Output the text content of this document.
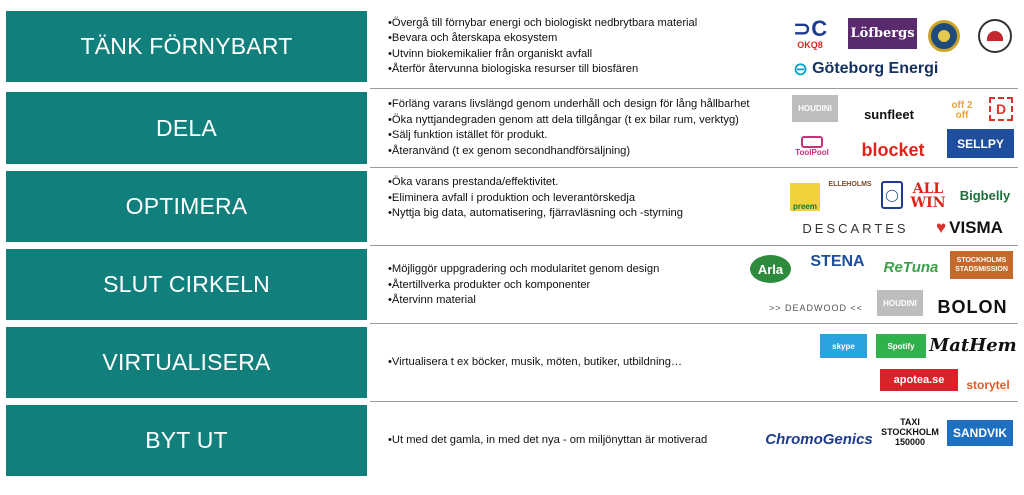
TÄNK FÖRNYBART
•Övergå till förnybar energi och biologiskt nedbrytbara material
•Bevara och återskapa ekosystem
•Utvinn biokemikalier från organiskt avfall
•Återför återvunna biologiska resurser till biosfären
⊃C
OKQ8
Löfbergs
⊖ Göteborg Energi
DELA
•Förläng varans livslängd genom underhåll och design för lång hållbarhet
•Öka nyttjandegraden genom att dela tillgångar (t ex bilar rum, verktyg)
•Sälj funktion istället för produkt.
•Återanvänd (t ex genom secondhandförsäljning)
HOUDINI	sunfleet
off 2 off	D
ToolPool	blocket	SELLPY
OPTIMERA
•Öka varans prestanda/effektivitet.
•Eliminera avfall i produktion och leverantörskedja
•Nyttja big data, automatisering, fjärravläsning och -styrning
preem
ELLEHOLMS
◯	ALL WIN Bigbelly
DESCARTES ♥ VISMA
SLUT CIRKELN
•Möjliggör uppgradering och modularitet genom design
•Återtillverka produkter och komponenter
•Återvinn material
Arla	STENA	ReTuna	STOCKHOLMS STADSMISSION
>> DEADWOOD <<	HOUDINI	BOLON
VIRTUALISERA	•Virtualisera t ex böcker, musik, möten, butiker, utbildning…
skype	Spotify MatHem
apotea.se	storytel
BYT UT	•Ut med det gamla, in med det nya - om miljönyttan är motiverad	ChromoGenics
TAXI STOCKHOLM 150000
SANDVIK
